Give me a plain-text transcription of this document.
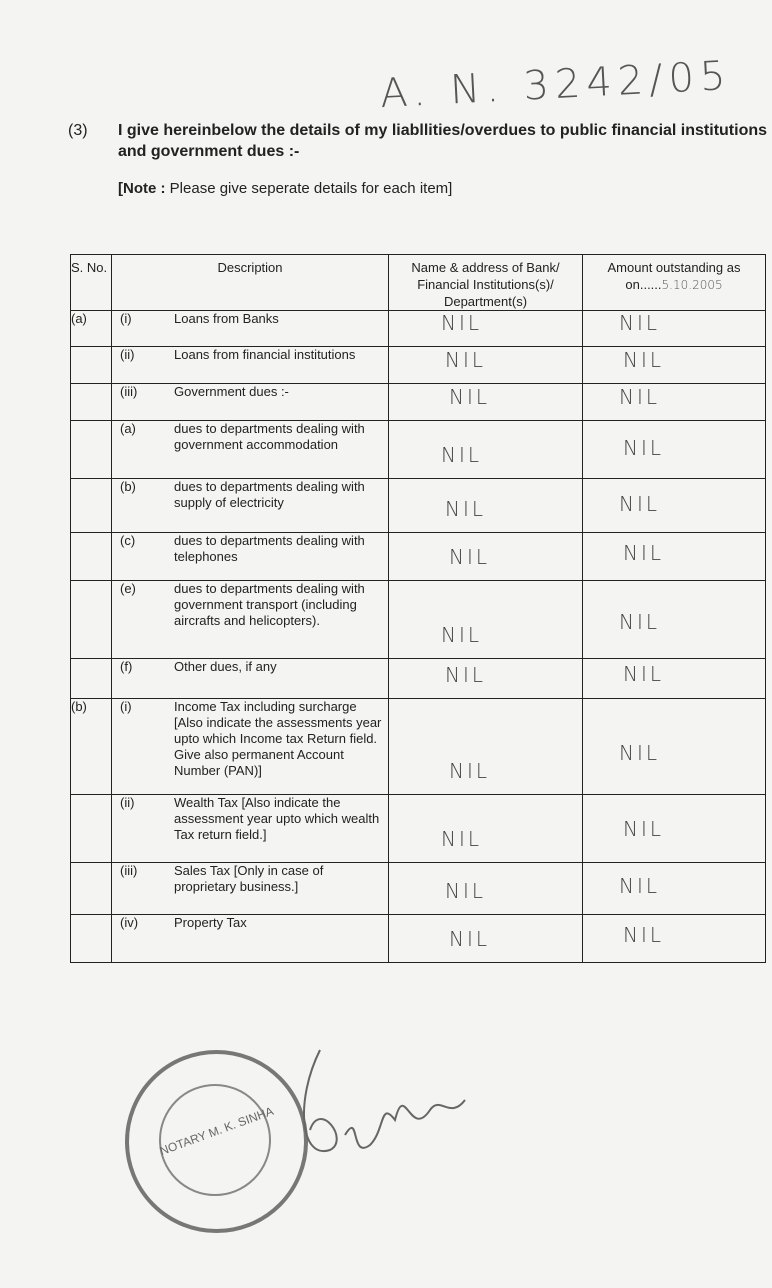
A. N. 3242/05
(3) I give hereinbelow the details of my liabllities/overdues to public financial institutions and government dues :-
[Note : Please give seperate details for each item]
S. No.	Description	Name & address of Bank/ Financial Institutions(s)/ Department(s)	Amount outstanding as on......5.10.2005
(a)	(i) Loans from Banks	NIL	NIL

	(ii) Loans from financial institutions	NIL	NIL

	(iii) Government dues :-	NIL	NIL

	(a) dues to departments dealing with government accommodation	NIL	NIL

	(b) dues to departments dealing with supply of electricity	NIL	NIL

	(c) dues to departments dealing with telephones	NIL	NIL

	(e) dues to departments dealing with government transport (including aircrafts and helicopters).	NIL	NIL

	(f) Other dues, if any	NIL	NIL

(b)	(i) Income Tax including surcharge [Also indicate the assessments year upto which Income tax Return field. Give also permanent Account Number (PAN)]	NIL	NIL

	(ii) Wealth Tax [Also indicate the assessment year upto which wealth Tax return field.]	NIL	NIL

	(iii) Sales Tax [Only in case of proprietary business.]	NIL	NIL

	(iv) Property Tax	NIL	NIL
NOTARY M. K. SINHA
